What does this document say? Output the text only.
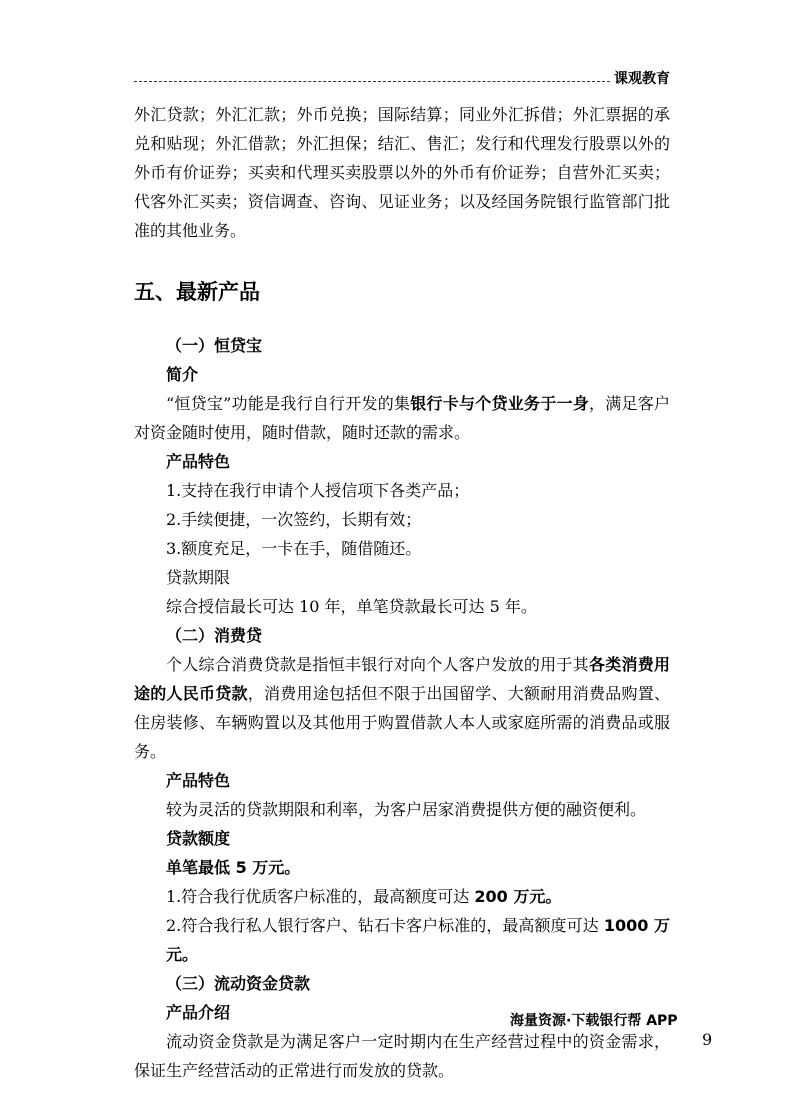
课观教育

外汇贷款；外汇汇款；外币兑换；国际结算；同业外汇拆借；外汇票据的承兑和贴现；外汇借款；外汇担保；结汇、售汇；发行和代理发行股票以外的外币有价证券；买卖和代理买卖股票以外的外币有价证券；自营外汇买卖；代客外汇买卖；资信调查、咨询、见证业务；以及经国务院银行监管部门批准的其他业务。

五、最新产品

（一）恒贷宝

简介

“恒贷宝”功能是我行自行开发的集银行卡与个贷业务于一身，满足客户对资金随时使用，随时借款，随时还款的需求。

产品特色

1.支持在我行申请个人授信项下各类产品；

2.手续便捷，一次签约，长期有效；

3.额度充足，一卡在手，随借随还。

贷款期限

综合授信最长可达 10 年，单笔贷款最长可达 5 年。

（二）消费贷

个人综合消费贷款是指恒丰银行对向个人客户发放的用于其各类消费用途的人民币贷款，消费用途包括但不限于出国留学、大额耐用消费品购置、住房装修、车辆购置以及其他用于购置借款人本人或家庭所需的消费品或服务。

产品特色

较为灵活的贷款期限和利率，为客户居家消费提供方便的融资便利。

贷款额度

单笔最低 5 万元。

1.符合我行优质客户标准的，最高额度可达 200 万元。

2.符合我行私人银行客户、钻石卡客户标准的，最高额度可达 1000 万元。

（三）流动资金贷款

产品介绍

流动资金贷款是为满足客户一定时期内在生产经营过程中的资金需求，保证生产经营活动的正常进行而发放的贷款。

海量资源·下载银行帮 APP
9
